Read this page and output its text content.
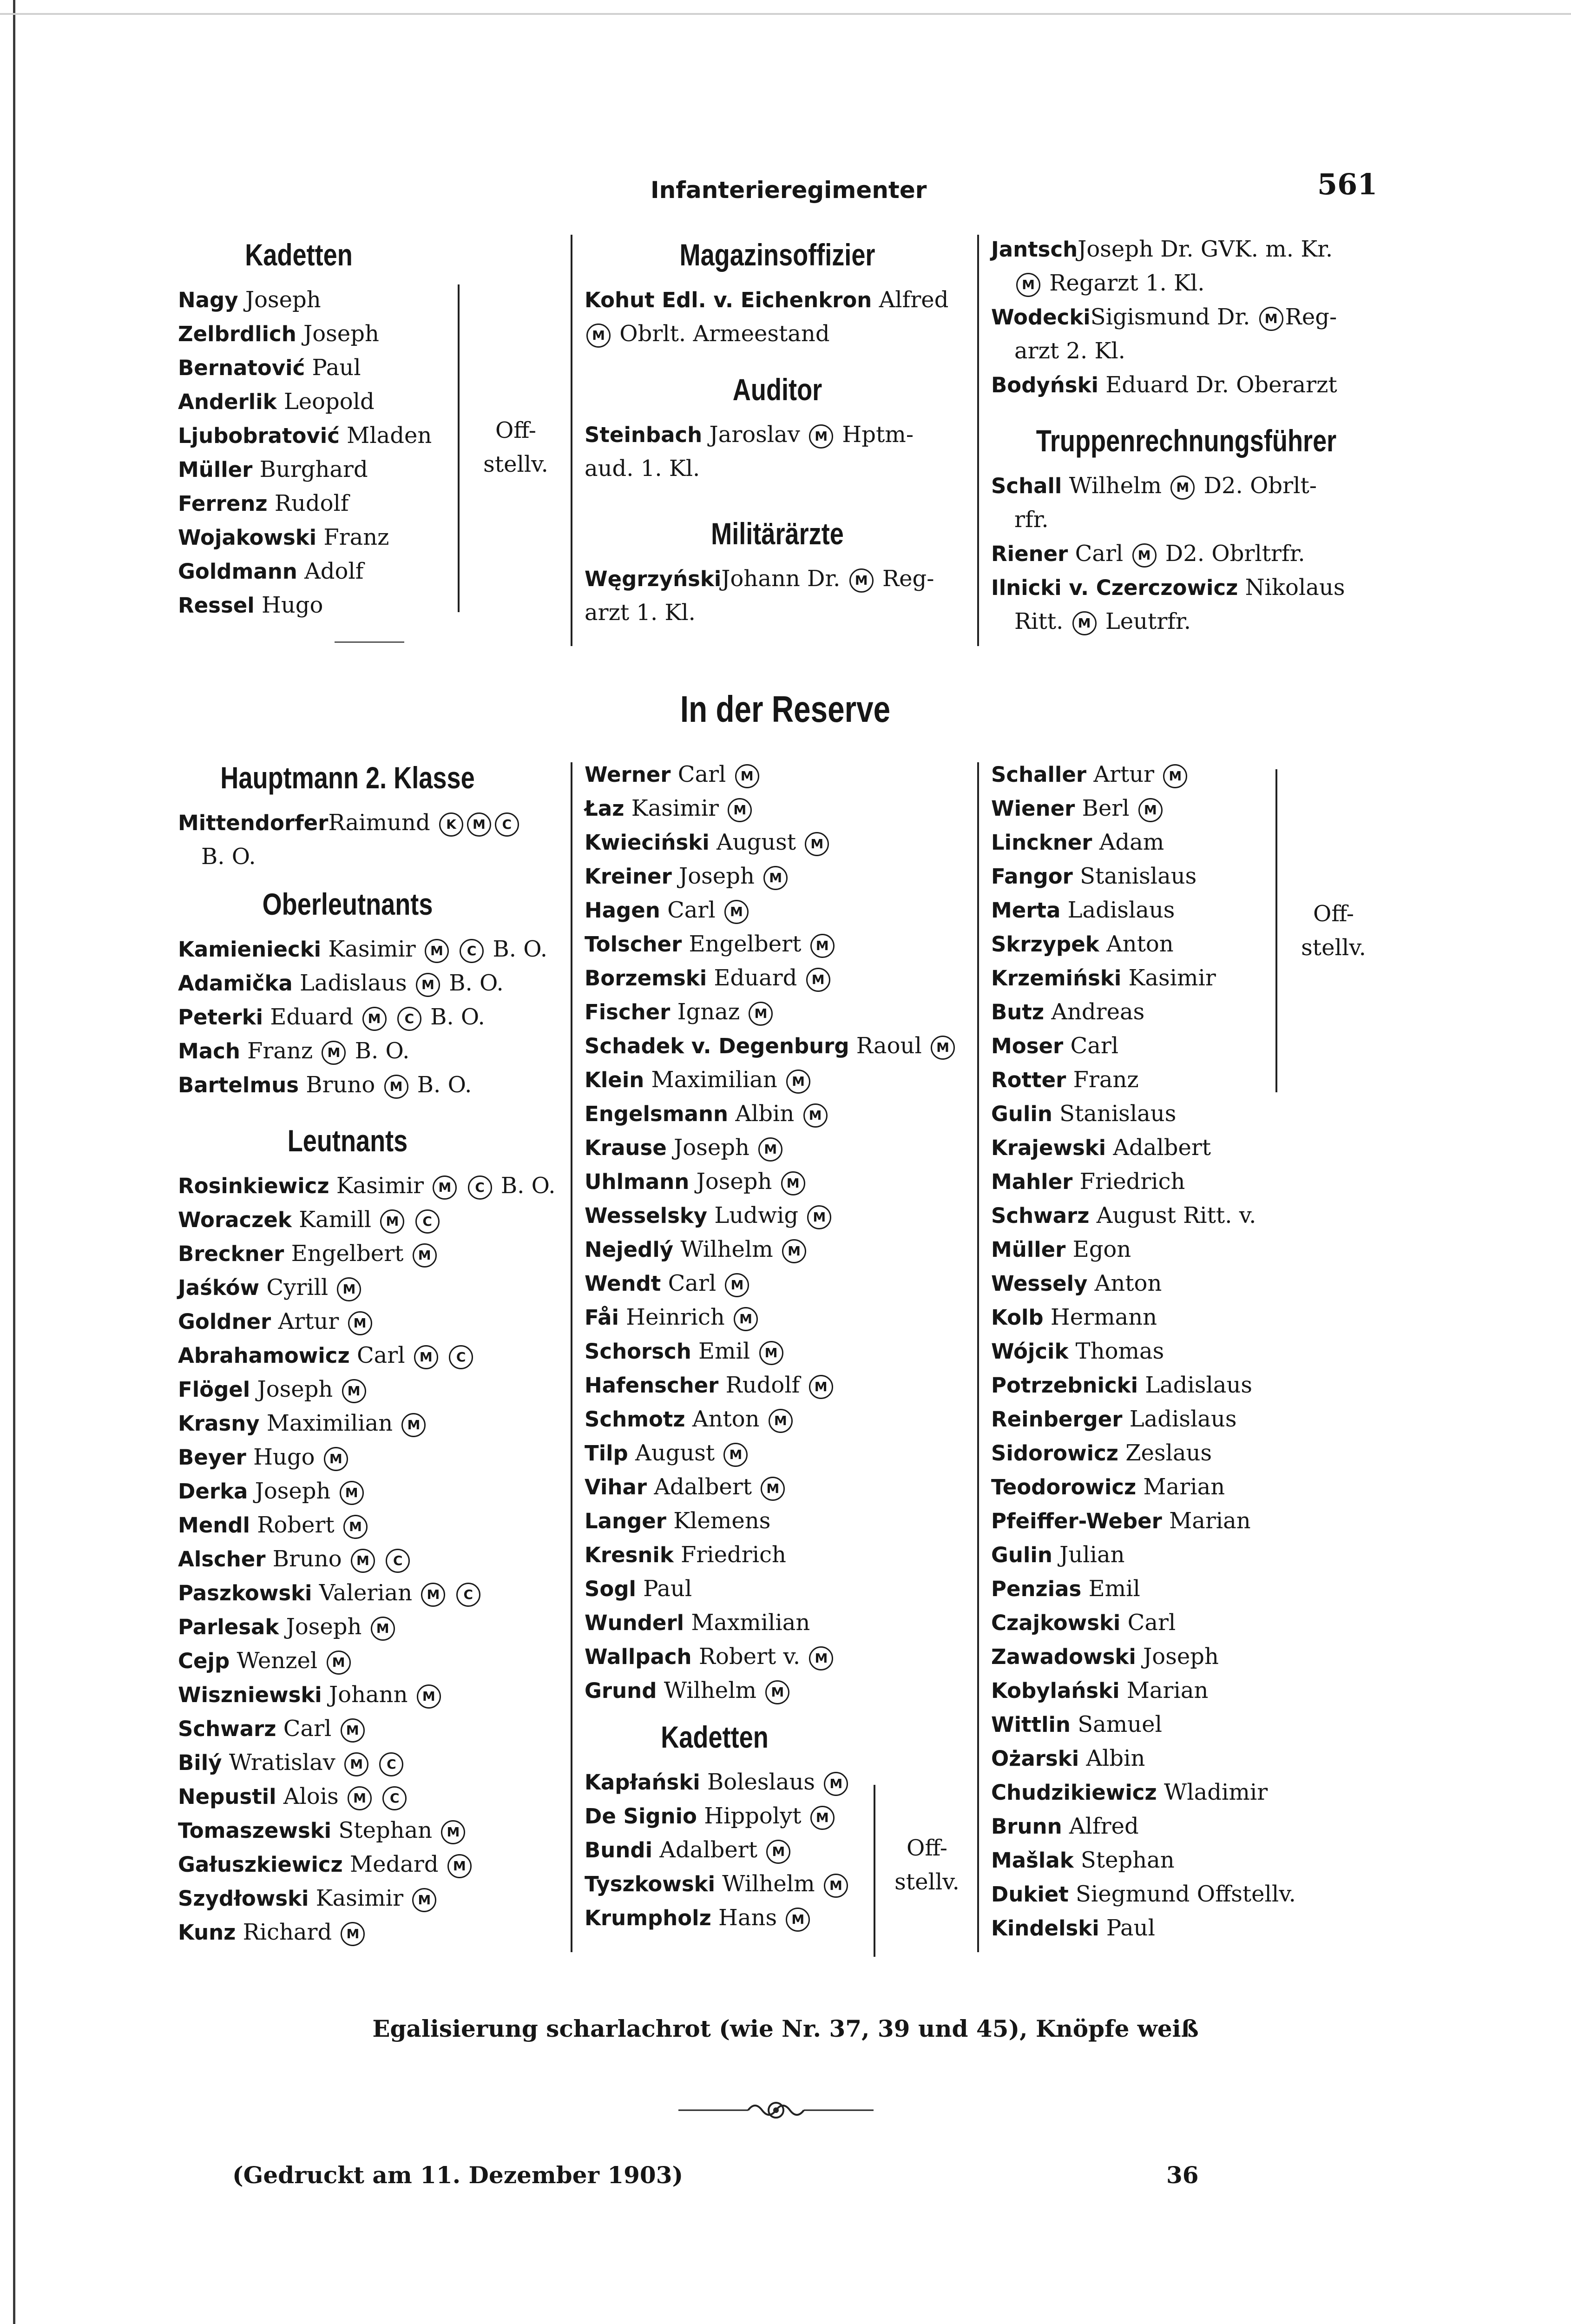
Infanterieregimenter	561
Kadetten
Nagy Joseph
Zelbrdlich Joseph
Bernatović Paul
Anderlik Leopold
Ljubobratović Mladen
Müller Burghard
Ferrenz Rudolf
Wojakowski Franz
Goldmann Adolf
Ressel Hugo
Off-
stellv.
Magazinsoffizier
Kohut Edl. v. Eichenkron Alfred
M Obrlt. Armeestand
Auditor
Steinbach Jaroslav M Hptm-
aud. 1. Kl.
Militärärzte
WęgrzyńskiJohann Dr. M Reg-
arzt 1. Kl.
JantschJoseph Dr. GVK. m. Kr.
M Regarzt 1. Kl.
WodeckiSigismund Dr. M Reg-
arzt 2. Kl.
Bodyński Eduard Dr. Oberarzt
Truppenrechnungsführer
Schall Wilhelm M D2. Obrlt-
rfr.
Riener Carl M D2. Obrltrfr.
Ilnicki v. Czerczowicz Nikolaus
Ritt. M Leutrfr.
In der Reserve
Hauptmann 2. Klasse
MittendorferRaimund K M C
B. O.
Oberleutnants
Kamieniecki Kasimir M C B. O.
Adamička Ladislaus M B. O.
Peterki Eduard M C B. O.
Mach Franz M B. O.
Bartelmus Bruno M B. O.
Leutnants
Rosinkiewicz Kasimir M C B. O.
Woraczek Kamill M C
Breckner Engelbert M
Jaśków Cyrill M
Goldner Artur M
Abrahamowicz Carl M C
Flögel Joseph M
Krasny Maximilian M
Beyer Hugo M
Derka Joseph M
Mendl Robert M
Alscher Bruno M C
Paszkowski Valerian M C
Parlesak Joseph M
Cejp Wenzel M
Wiszniewski Johann M
Schwarz Carl M
Bilý Wratislav M C
Nepustil Alois M C
Tomaszewski Stephan M
Gałuszkiewicz Medard M
Szydłowski Kasimir M
Kunz Richard M
Werner Carl M
Łaz Kasimir M
Kwieciński August M
Kreiner Joseph M
Hagen Carl M
Tolscher Engelbert M
Borzemski Eduard M
Fischer Ignaz M
Schadek v. Degenburg Raoul M
Klein Maximilian M
Engelsmann Albin M
Krause Joseph M
Uhlmann Joseph M
Wesselsky Ludwig M
Nejedlý Wilhelm M
Wendt Carl M
Fåi Heinrich M
Schorsch Emil M
Hafenscher Rudolf M
Schmotz Anton M
Tilp August M
Vihar Adalbert M
Langer Klemens
Kresnik Friedrich
Sogl Paul
Wunderl Maxmilian
Wallpach Robert v. M
Grund Wilhelm M
Kadetten
Kapłański Boleslaus M
De Signio Hippolyt M
Bundi Adalbert M
Tyszkowski Wilhelm M
Krumpholz Hans M
Off-
stellv.
Schaller Artur M
Wiener Berl M
Linckner Adam
Fangor Stanislaus
Merta Ladislaus
Skrzypek Anton
Krzemiński Kasimir
Butz Andreas
Moser Carl
Rotter Franz
Gulin Stanislaus
Krajewski Adalbert
Mahler Friedrich
Schwarz August Ritt. v.
Müller Egon
Wessely Anton
Kolb Hermann
Wójcik Thomas
Potrzebnicki Ladislaus
Reinberger Ladislaus
Sidorowicz Zeslaus
Teodorowicz Marian
Pfeiffer-Weber Marian
Gulin Julian
Penzias Emil
Czajkowski Carl
Zawadowski Joseph
Kobylański Marian
Wittlin Samuel
Ożarski Albin
Chudzikiewicz Wladimir
Brunn Alfred
Mašlak Stephan
Dukiet Siegmund Offstellv.
Kindelski Paul
Off-
stellv.
Egalisierung scharlachrot (wie Nr. 37, 39 und 45), Knöpfe weiß
(Gedruckt am 11. Dezember 1903)	36
